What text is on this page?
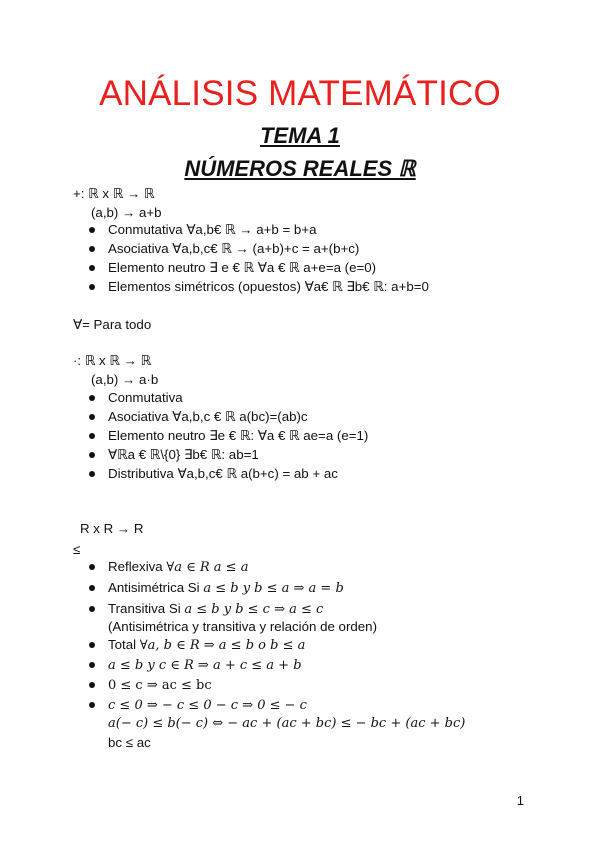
ANÁLISIS MATEMÁTICO
TEMA 1
NÚMEROS REALES ℝ
+: ℝ x ℝ → ℝ
(a,b) → a+b
Conmutativa ∀a,b€ ℝ → a+b = b+a
Asociativa ∀a,b,c€ ℝ → (a+b)+c = a+(b+c)
Elemento neutro ∃ e € ℝ ∀a € ℝ a+e=a (e=0)
Elementos simétricos (opuestos) ∀a€ ℝ ∃b€ ℝ: a+b=0
∀= Para todo
·: ℝ x ℝ → ℝ
(a,b) → a·b
Conmutativa
Asociativa ∀a,b,c € ℝ a(bc)=(ab)c
Elemento neutro ∃e € ℝ: ∀a € ℝ ae=a (e=1)
∀ℝa € ℝ\{0} ∃b€ ℝ: ab=1
Distributiva ∀a,b,c€ ℝ a(b+c) = ab + ac
R x R → R
≤
Reflexiva ∀a ∈ R a ≤ a
Antisimétrica Si a ≤ b y b ≤ a ⇒ a = b
Transitiva Si a ≤ b y b ≤ c ⇒ a ≤ c
(Antisimétrica y transitiva y relación de orden)
Total ∀a, b ∈ R ⇒ a ≤ b o b ≤ a
a ≤ b y c ∈ R ⇒ a + c ≤ a + b
0 ≤ c ⇒ ac ≤ bc
c ≤ 0 ⇒ − c ≤ 0 − c ⇒ 0 ≤ − c
a(− c) ≤ b(− c) ⇔ − ac + (ac + bc) ≤ − bc + (ac + bc)
bc ≤ ac
1
